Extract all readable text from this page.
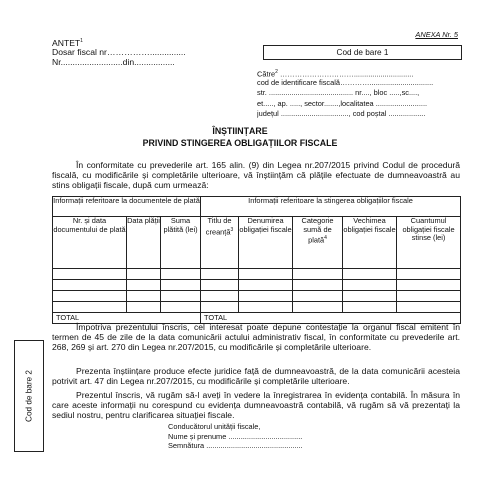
ANEXA Nr. 5
ANTET$^1$
Dosar fiscal nr……………...............
Nr..........................din.................
Cod de bare 1
Către$^2$ ………………………….............................
cod de identificare fiscală…………...............................
str. ......................................... nr...., bloc .....,sc....,
et....., ap. ....., sector.......,localitatea .........................
județul ................................., cod poștal ..................
ÎNȘTIINȚARE
PRIVIND STINGEREA OBLIGAȚIILOR FISCALE
În conformitate cu prevederile art. 165 alin. (9) din Legea nr.207/2015 privind Codul de procedură fiscală, cu modificările și completările ulterioare, vă înștiințăm că plățile efectuate de dumneavoastră au stins obligații fiscale, după cum urmează:
Informații referitoare la documentele de plată			Informații referitoare la stingerea obligațiilor fiscale				
Nr. și data documentului de plată	Data plății	Suma plătită (lei)	Titlu de creanță$^3$	Denumirea obligației fiscale	Categorie sumă de plată$^4$	Vechimea obligației fiscale	Cuantumul obligației fiscale stinse (lei)

TOTAL			TOTAL				
Cod de bare 2
Împotriva prezentului înscris, cel interesat poate depune contestație la organul fiscal emitent în termen de 45 de zile de la data comunicării actului administrativ fiscal, în conformitate cu prevederile art. 268, 269 și art. 270 din Legea nr.207/2015, cu modificările și completările ulterioare.
Prezenta înștiințare produce efecte juridice față de dumneavoastră, de la data comunicării acesteia potrivit art. 47 din Legea nr.207/2015, cu modificările și completările ulterioare.
Prezentul înscris, vă rugăm să-l aveți în vedere la înregistrarea în evidența contabilă. În măsura în care aceste informații nu corespund cu evidența dumneavoastră contabilă, vă rugăm să vă prezentați la sediul nostru, pentru clarificarea situației fiscale.
Conducătorul unității fiscale,
Nume și prenume ....................................
Semnătura ...............................................
